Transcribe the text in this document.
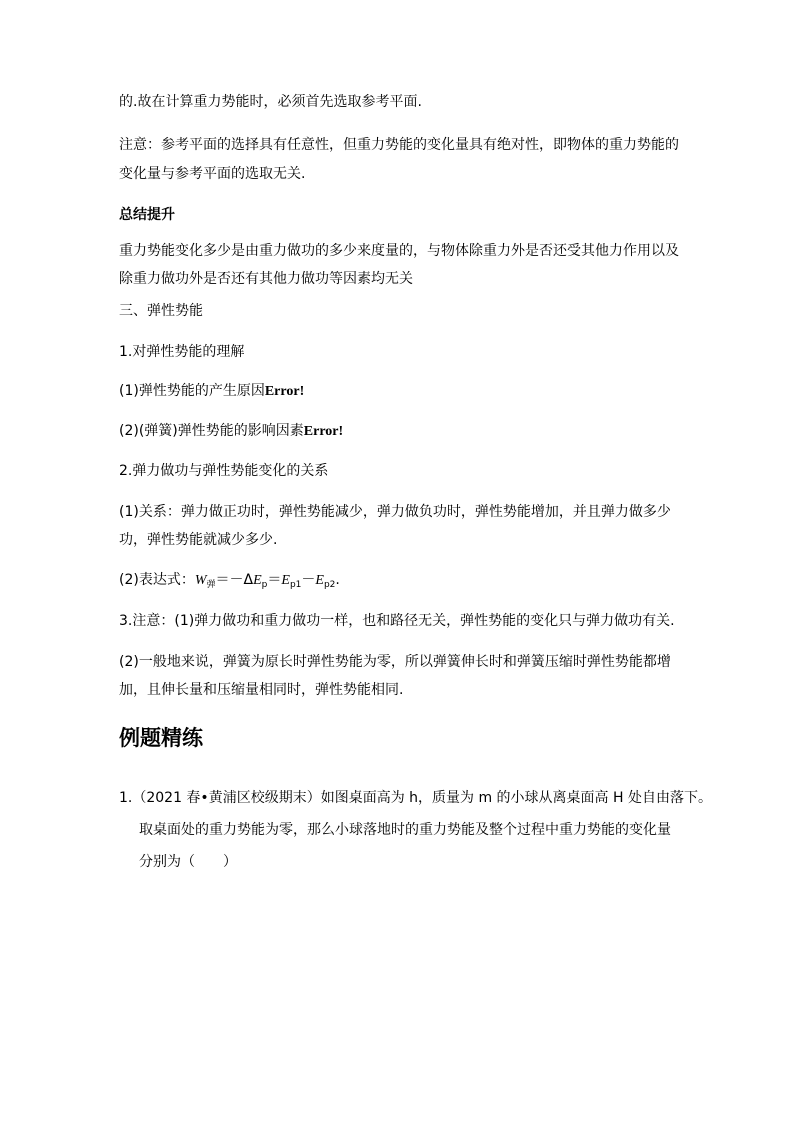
的.故在计算重力势能时，必须首先选取参考平面.
注意：参考平面的选择具有任意性，但重力势能的变化量具有绝对性，即物体的重力势能的
变化量与参考平面的选取无关.
总结提升
重力势能变化多少是由重力做功的多少来度量的，与物体除重力外是否还受其他力作用以及
除重力做功外是否还有其他力做功等因素均无关
三、弹性势能
1.对弹性势能的理解
(1)弹性势能的产生原因Error!
(2)(弹簧)弹性势能的影响因素Error!
2.弹力做功与弹性势能变化的关系
(1)关系：弹力做正功时，弹性势能减少，弹力做负功时，弹性势能增加，并且弹力做多少
功，弹性势能就减少多少.
(2)表达式：$W_弹=-\Delta E_p=E_{p1}-E_{p2}$.
3.注意：(1)弹力做功和重力做功一样，也和路径无关，弹性势能的变化只与弹力做功有关.
(2)一般地来说，弹簧为原长时弹性势能为零，所以弹簧伸长时和弹簧压缩时弹性势能都增
加，且伸长量和压缩量相同时，弹性势能相同.
例题精练
1.（2021 春•黄浦区校级期末）如图桌面高为 h，质量为 m 的小球从离桌面高 H 处自由落下。
取桌面处的重力势能为零，那么小球落地时的重力势能及整个过程中重力势能的变化量
分别为（　　）
